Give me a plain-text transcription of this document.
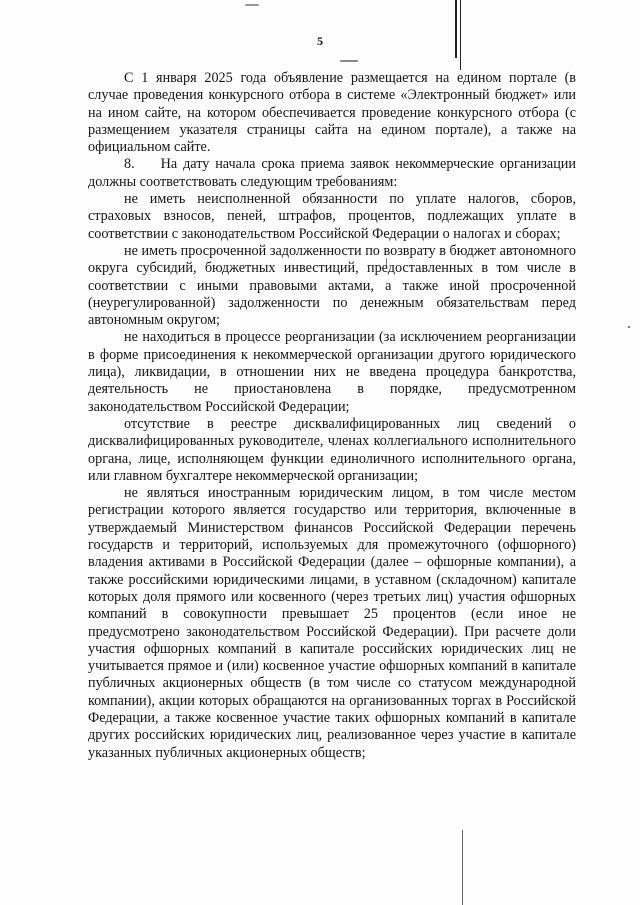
5

С 1 января 2025 года объявление размещается на едином портале (в случае проведения конкурсного отбора в системе «Электронный бюджет» или на ином сайте, на котором обеспечивается проведение конкурсного отбора (с размещением указателя страницы сайта на едином портале), а также на официальном сайте.

8. На дату начала срока приема заявок некоммерческие организации должны соответствовать следующим требованиям:

не иметь неисполненной обязанности по уплате налогов, сборов, страховых взносов, пеней, штрафов, процентов, подлежащих уплате в соответствии с законодательством Российской Федерации о налогах и сборах;

не иметь просроченной задолженности по возврату в бюджет автономного округа субсидий, бюджетных инвестиций, предоставленных в том числе в соответствии с иными правовыми актами, а также иной просроченной (неурегулированной) задолженности по денежным обязательствам перед автономным округом;

не находиться в процессе реорганизации (за исключением реорганизации в форме присоединения к некоммерческой организации другого юридического лица), ликвидации, в отношении них не введена процедура банкротства, деятельность не приостановлена в порядке, предусмотренном законодательством Российской Федерации;

отсутствие в реестре дисквалифицированных лиц сведений о дисквалифицированных руководителе, членах коллегиального исполнительного органа, лице, исполняющем функции единоличного исполнительного органа, или главном бухгалтере некоммерческой организации;

не являться иностранным юридическим лицом, в том числе местом регистрации которого является государство или территория, включенные в утверждаемый Министерством финансов Российской Федерации перечень государств и территорий, используемых для промежуточного (офшорного) владения активами в Российской Федерации (далее – офшорные компании), а также российскими юридическими лицами, в уставном (складочном) капитале которых доля прямого или косвенного (через третьих лиц) участия офшорных компаний в совокупности превышает 25 процентов (если иное не предусмотрено законодательством Российской Федерации). При расчете доли участия офшорных компаний в капитале российских юридических лиц не учитывается прямое и (или) косвенное участие офшорных компаний в капитале публичных акционерных обществ (в том числе со статусом международной компании), акции которых обращаются на организованных торгах в Российской Федерации, а также косвенное участие таких офшорных компаний в капитале других российских юридических лиц, реализованное через участие в капитале указанных публичных акционерных обществ;
